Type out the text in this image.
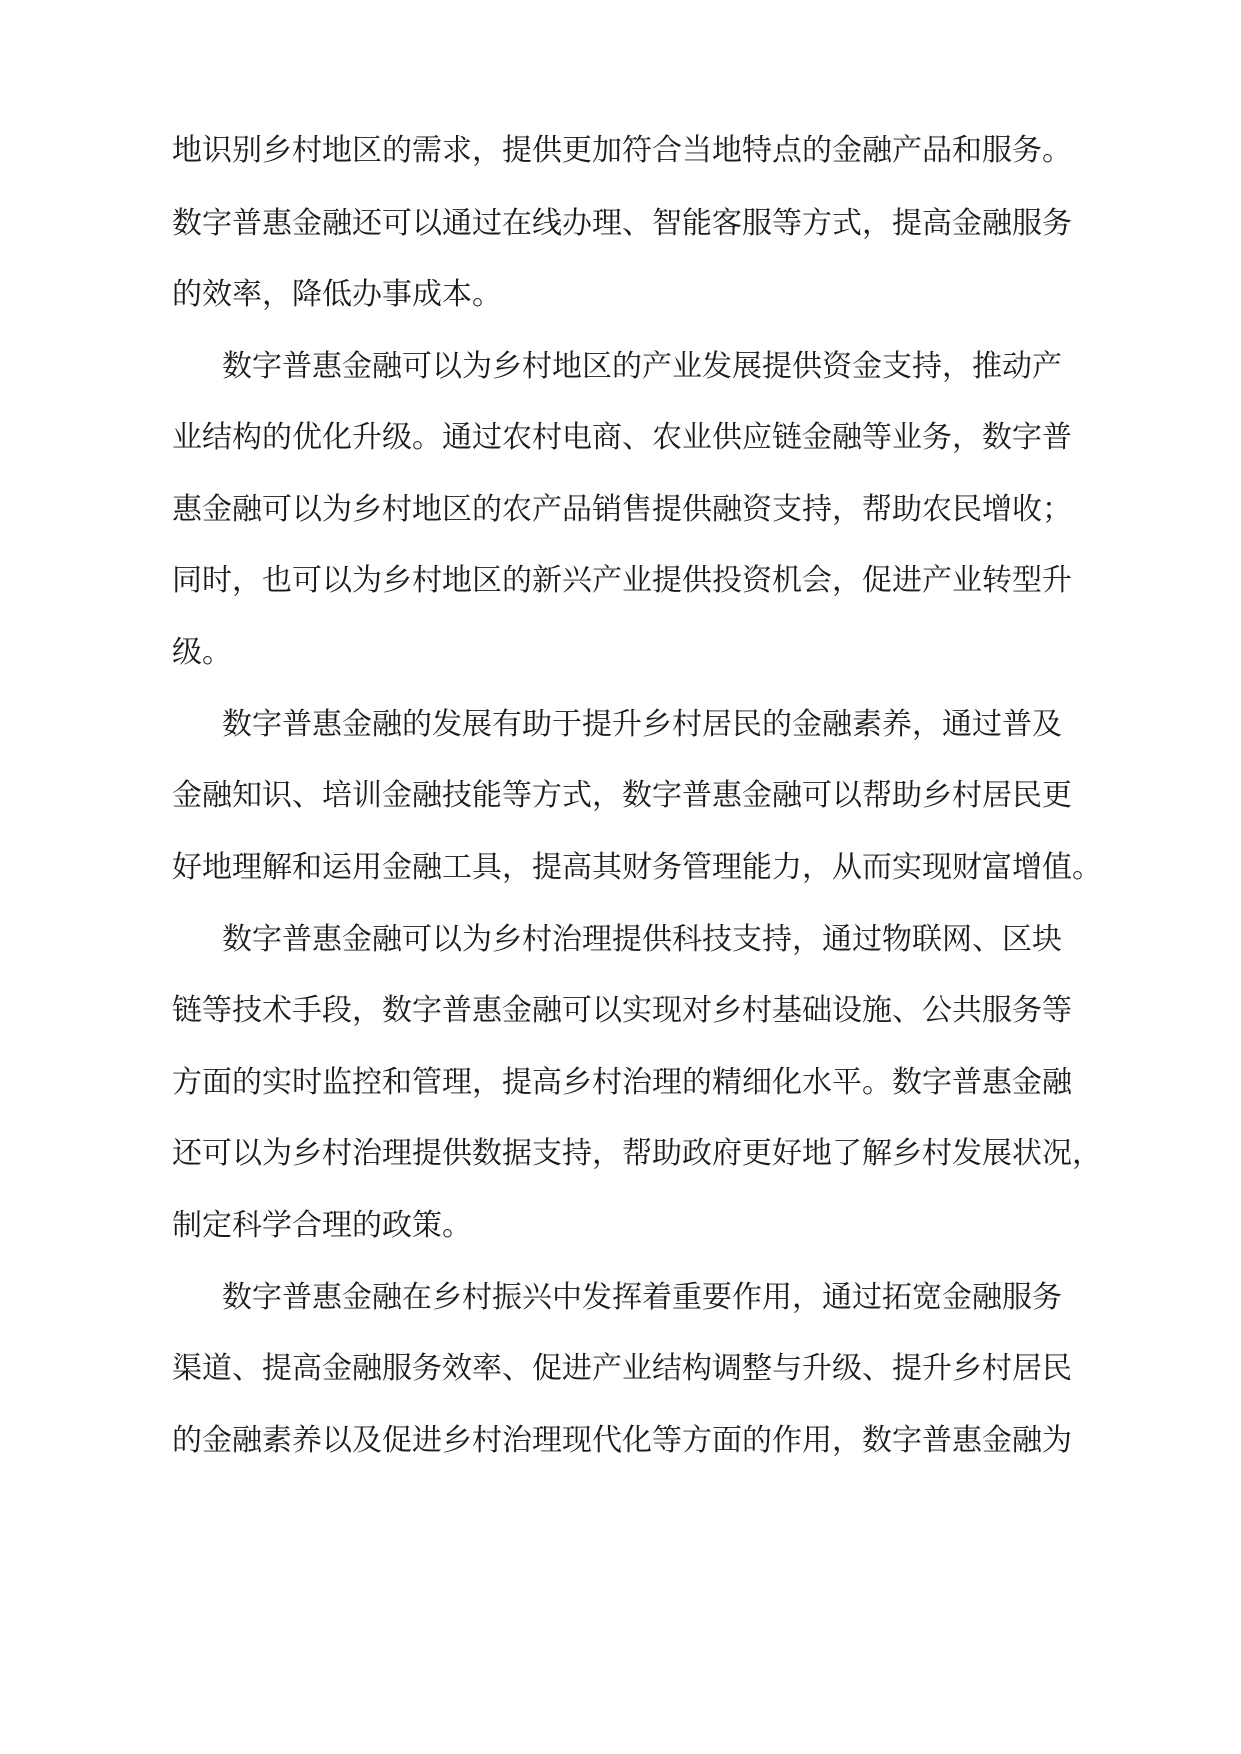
地识别乡村地区的需求，提供更加符合当地特点的金融产品和服务。
数字普惠金融还可以通过在线办理、智能客服等方式，提高金融服务
的效率，降低办事成本。
数字普惠金融可以为乡村地区的产业发展提供资金支持，推动产
业结构的优化升级。通过农村电商、农业供应链金融等业务，数字普
惠金融可以为乡村地区的农产品销售提供融资支持，帮助农民增收；
同时，也可以为乡村地区的新兴产业提供投资机会，促进产业转型升
级。
数字普惠金融的发展有助于提升乡村居民的金融素养，通过普及
金融知识、培训金融技能等方式，数字普惠金融可以帮助乡村居民更
好地理解和运用金融工具，提高其财务管理能力，从而实现财富增值。
数字普惠金融可以为乡村治理提供科技支持，通过物联网、区块
链等技术手段，数字普惠金融可以实现对乡村基础设施、公共服务等
方面的实时监控和管理，提高乡村治理的精细化水平。数字普惠金融
还可以为乡村治理提供数据支持，帮助政府更好地了解乡村发展状况，
制定科学合理的政策。
数字普惠金融在乡村振兴中发挥着重要作用，通过拓宽金融服务
渠道、提高金融服务效率、促进产业结构调整与升级、提升乡村居民
的金融素养以及促进乡村治理现代化等方面的作用，数字普惠金融为
